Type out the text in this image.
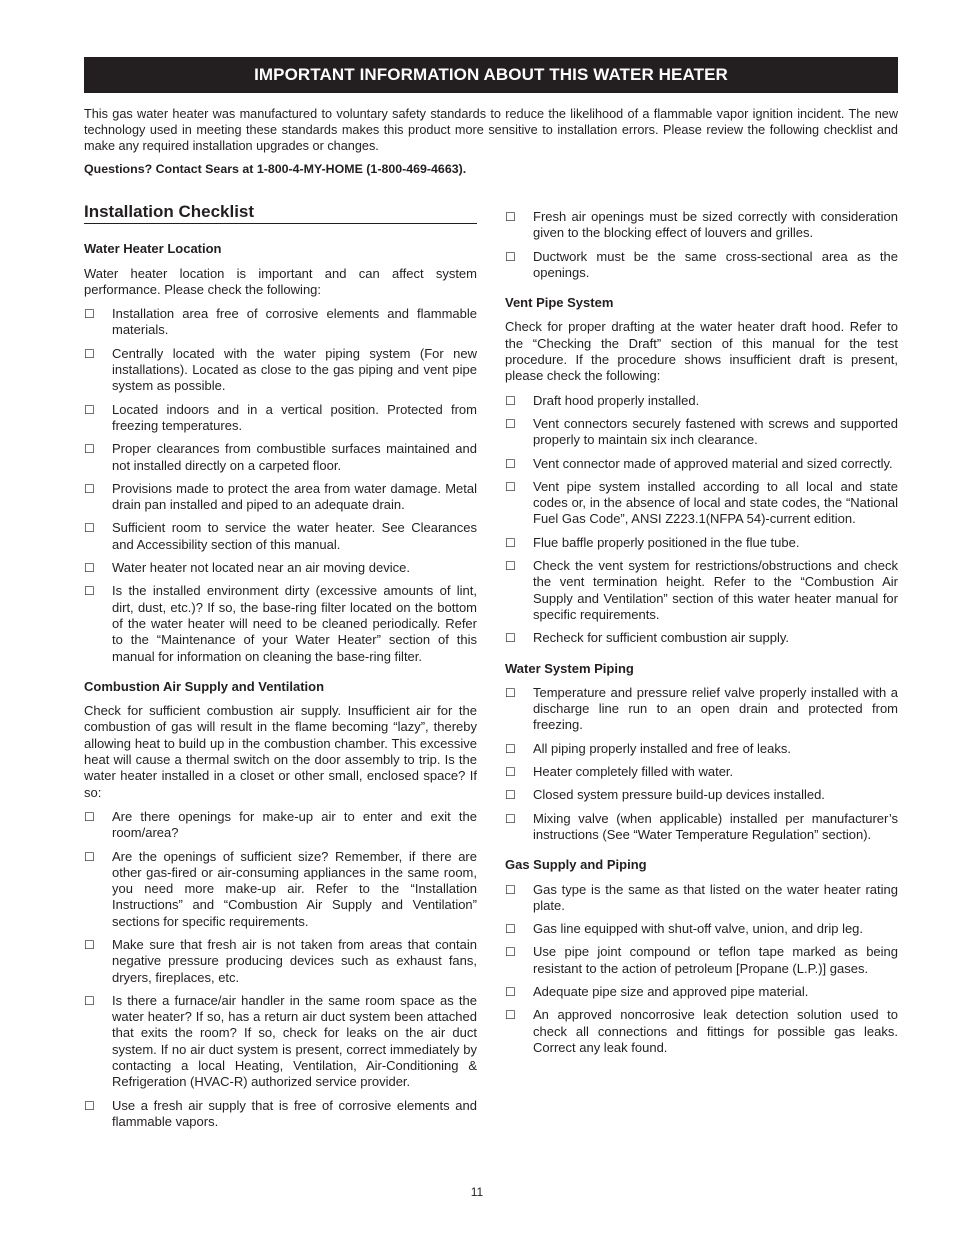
IMPORTANT INFORMATION ABOUT THIS WATER HEATER
This gas water heater was manufactured to voluntary safety standards to reduce the likelihood of a flammable vapor ignition incident. The new technology used in meeting these standards makes this product more sensitive to installation errors. Please review the following checklist and make any required installation upgrades or changes.
Questions? Contact Sears at 1-800-4-MY-HOME (1-800-469-4663).
Installation Checklist
Water Heater Location
Water heater location is important and can affect system performance. Please check the following:
☐ Installation area free of corrosive elements and flammable materials.
☐ Centrally located with the water piping system (For new installations). Located as close to the gas piping and vent pipe system as possible.
☐ Located indoors and in a vertical position. Protected from freezing temperatures.
☐ Proper clearances from combustible surfaces maintained and not installed directly on a carpeted floor.
☐ Provisions made to protect the area from water damage. Metal drain pan installed and piped to an adequate drain.
☐ Sufficient room to service the water heater. See Clearances and Accessibility section of this manual.
☐ Water heater not located near an air moving device.
☐ Is the installed environment dirty (excessive amounts of lint, dirt, dust, etc.)? If so, the base-ring filter located on the bottom of the water heater will need to be cleaned periodically. Refer to the “Maintenance of your Water Heater” section of this manual for information on cleaning the base-ring filter.
Combustion Air Supply and Ventilation
Check for sufficient combustion air supply. Insufficient air for the combustion of gas will result in the flame becoming “lazy”, thereby allowing heat to build up in the combustion chamber. This excessive heat will cause a thermal switch on the door assembly to trip. Is the water heater installed in a closet or other small, enclosed space? If so:
☐ Are there openings for make-up air to enter and exit the room/area?
☐ Are the openings of sufficient size? Remember, if there are other gas-fired or air-consuming appliances in the same room, you need more make-up air. Refer to the “Installation Instructions” and “Combustion Air Supply and Ventilation” sections for specific requirements.
☐ Make sure that fresh air is not taken from areas that contain negative pressure producing devices such as exhaust fans, dryers, fireplaces, etc.
☐ Is there a furnace/air handler in the same room space as the water heater? If so, has a return air duct system been attached that exits the room? If so, check for leaks on the air duct system. If no air duct system is present, correct immediately by contacting a local Heating, Ventilation, Air-Conditioning & Refrigeration (HVAC-R) authorized service provider.
☐ Use a fresh air supply that is free of corrosive elements and flammable vapors.
☐ Fresh air openings must be sized correctly with consideration given to the blocking effect of louvers and grilles.
☐ Ductwork must be the same cross-sectional area as the openings.
Vent Pipe System
Check for proper drafting at the water heater draft hood. Refer to the “Checking the Draft” section of this manual for the test procedure. If the procedure shows insufficient draft is present, please check the following:
☐ Draft hood properly installed.
☐ Vent connectors securely fastened with screws and supported properly to maintain six inch clearance.
☐ Vent connector made of approved material and sized correctly.
☐ Vent pipe system installed according to all local and state codes or, in the absence of local and state codes, the “National Fuel Gas Code”, ANSI Z223.1(NFPA 54)-current edition.
☐ Flue baffle properly positioned in the flue tube.
☐ Check the vent system for restrictions/obstructions and check the vent termination height. Refer to the “Combustion Air Supply and Ventilation” section of this water heater manual for specific requirements.
☐ Recheck for sufficient combustion air supply.
Water System Piping
☐ Temperature and pressure relief valve properly installed with a discharge line run to an open drain and protected from freezing.
☐ All piping properly installed and free of leaks.
☐ Heater completely filled with water.
☐ Closed system pressure build-up devices installed.
☐ Mixing valve (when applicable) installed per manufacturer’s instructions (See “Water Temperature Regulation” section).
Gas Supply and Piping
☐ Gas type is the same as that listed on the water heater rating plate.
☐ Gas line equipped with shut-off valve, union, and drip leg.
☐ Use pipe joint compound or teflon tape marked as being resistant to the action of petroleum [Propane (L.P.)] gases.
☐ Adequate pipe size and approved pipe material.
☐ An approved noncorrosive leak detection solution used to check all connections and fittings for possible gas leaks. Correct any leak found.
11
